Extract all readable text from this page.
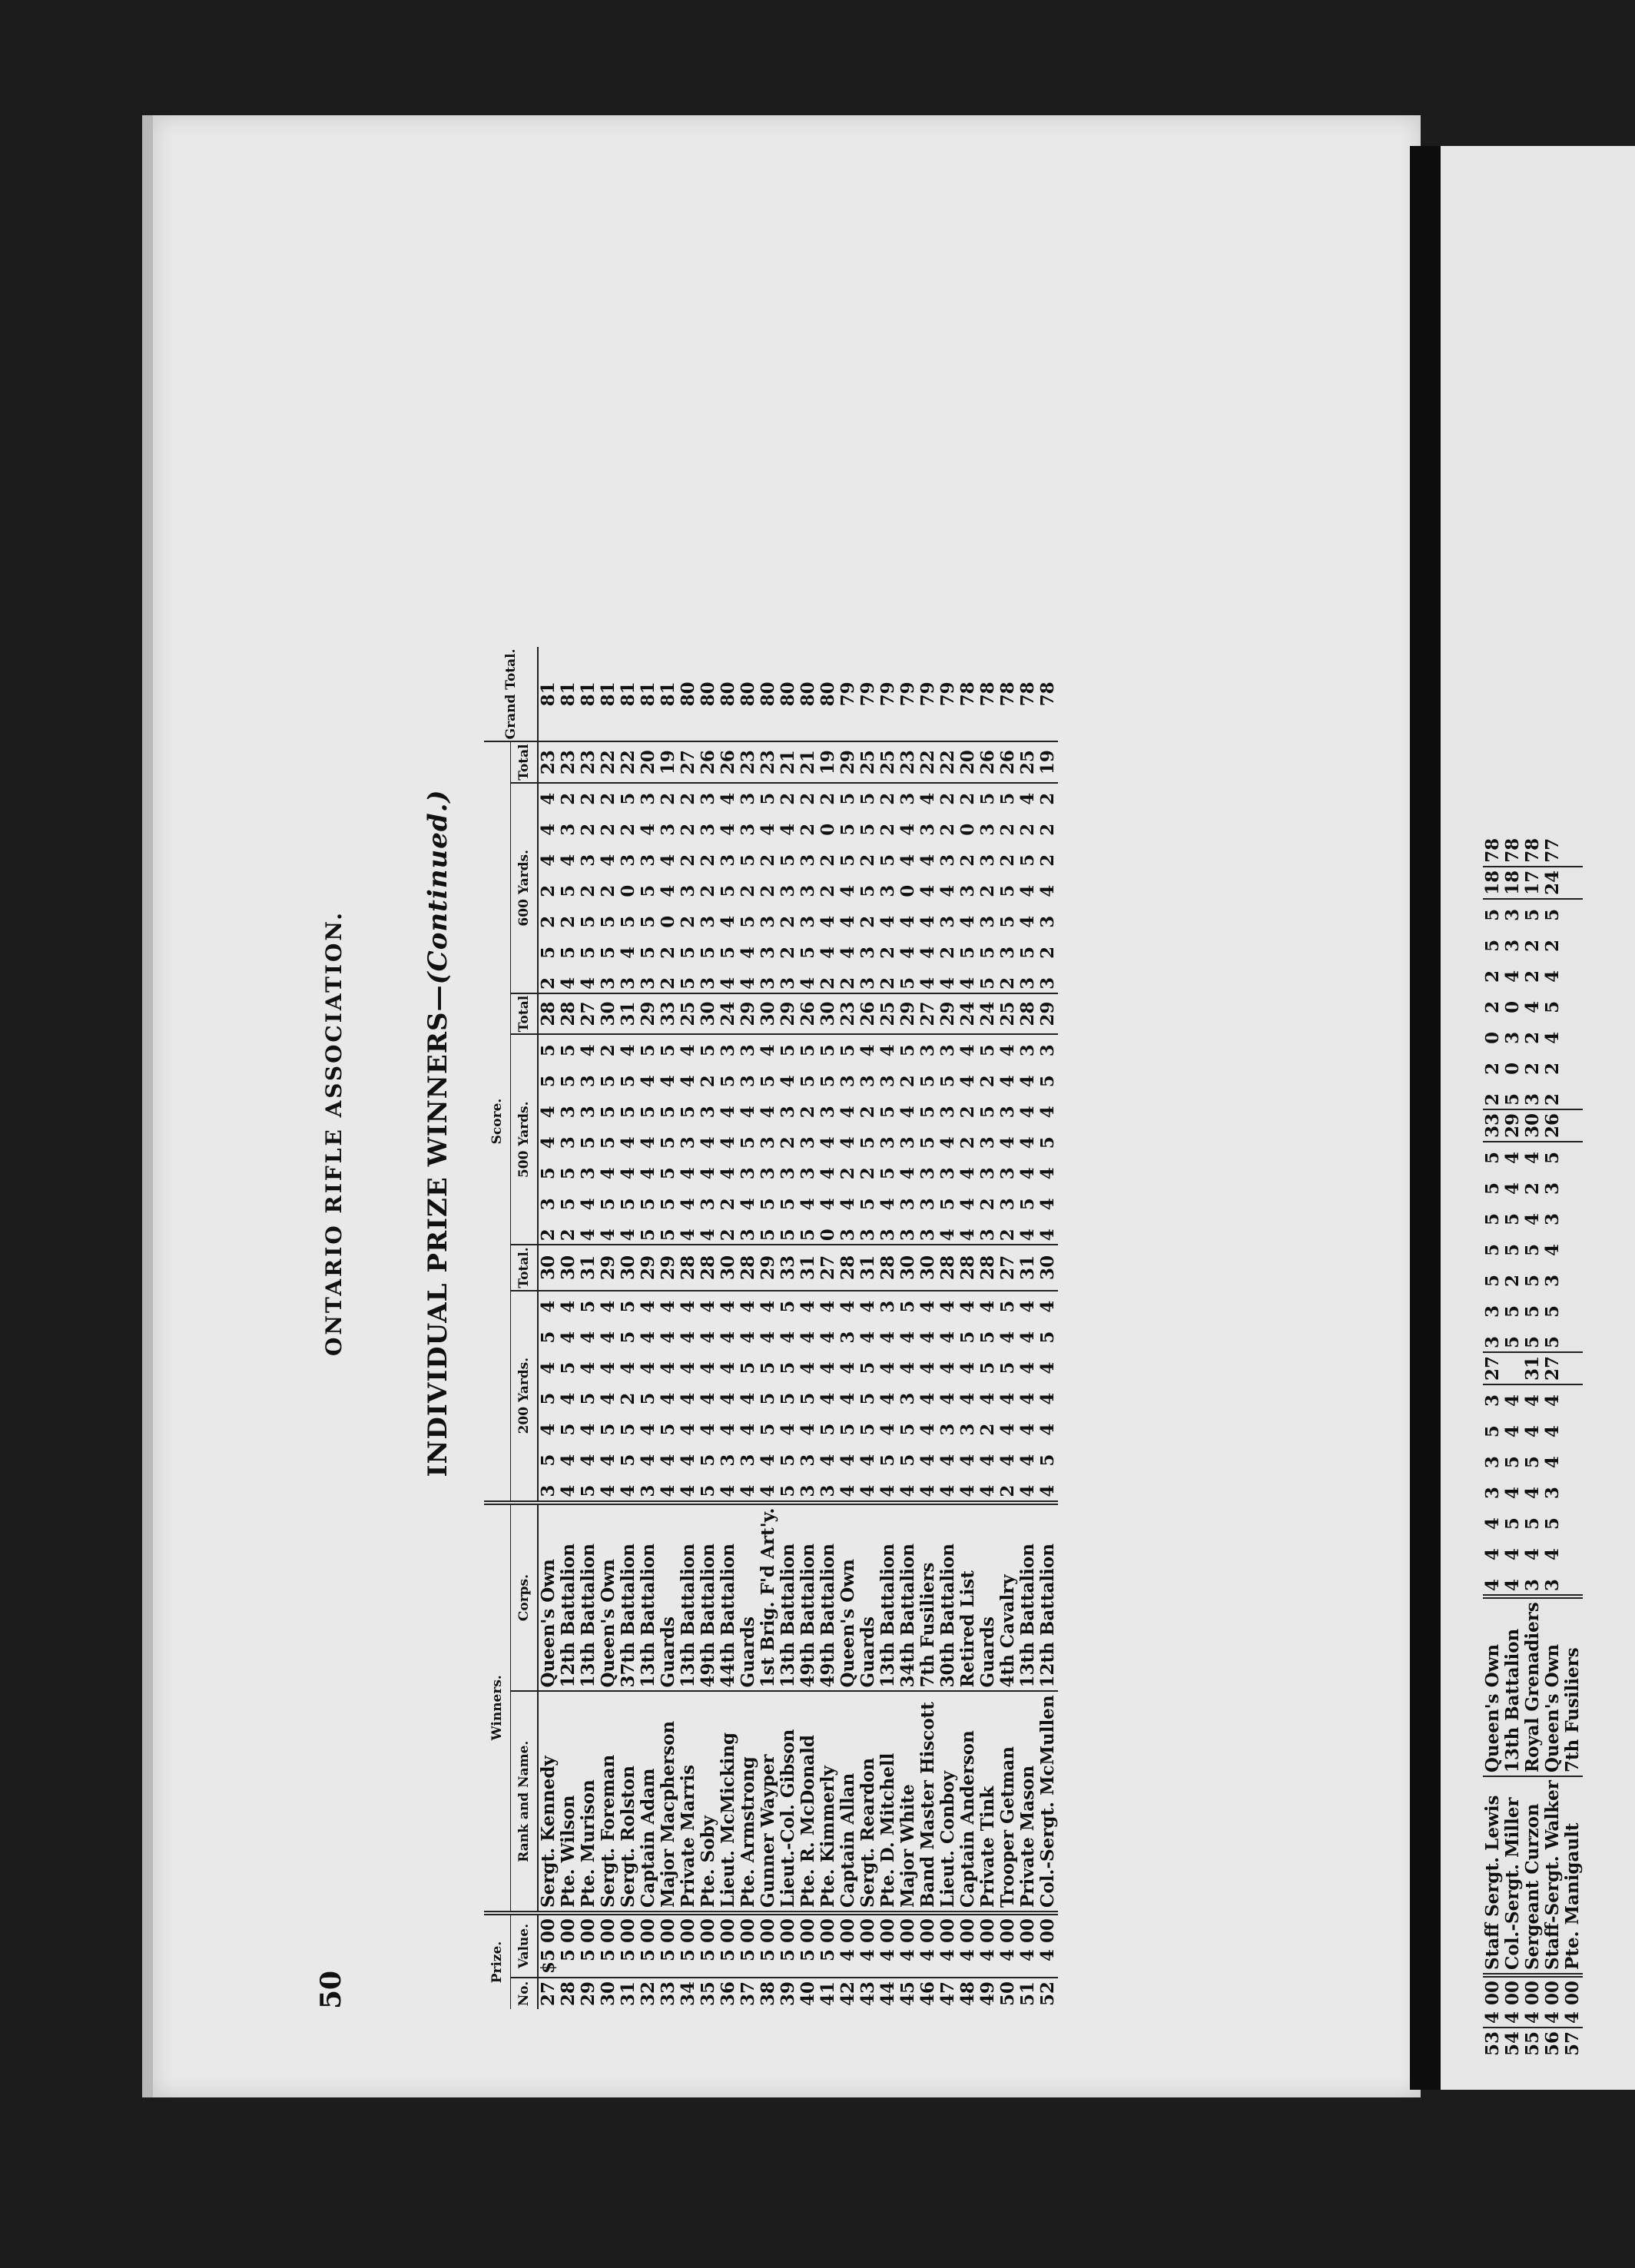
53	4 00	Staff Sergt. Lewis	Queen's Own	4 4 4 3 3 5 3	27	3 3 5 5 5 5 5	33	2 2 0 2 2 5 5	18	78
54	4 00	Col.-Sergt. Miller	13th Battalion	4 4 5 4 5 4 4		5 5 2 5 5 4 4	29	5 0 3 0 4 3 3	18	78
55	4 00	Sergeant Curzon	Royal Grenadiers	3 4 5 4 5 4 4	31	5 5 5 5 4 2 4	30	3 2 2 4 2 2 5	17	78
56	4 00	Staff-Sergt. Walker	Queen's Own	3 4 5 3 4 4 4	27	5 5 3 4 3 3 5	26	2 2 4 5 4 2 5	24	77
57	4 00	Pte. Manigault	7th Fusiliers							
50
ONTARIO RIFLE ASSOCIATION.	INDIVIDUAL PRIZE WINNERS—(Continued.)
Prize.		Winners.		Score.						Grand Total.
No.	Value.	Rank and Name.	Corps.	200 Yards.	Total.	500 Yards.	Total	600 Yards.	Total	
27	$5 00	Sergt. Kennedy	Queen's Own	3 5 4 5 4 5 4	30	2 3 5 4 4 5 5	28	2 5 2 2 4 4 4	23	81
28	5 00	Pte. Wilson	12th Battalion	4 4 5 4 5 4 4	30	2 5 5 3 3 5 5	28	4 5 2 5 4 3 2	23	81
29	5 00	Pte. Murison	13th Battalion	5 4 4 5 4 4 5	31	4 4 3 5 3 3 4	27	4 5 5 2 3 2 2	23	81
30	5 00	Sergt. Foreman	Queen's Own	4 4 5 4 4 4 4	29	4 5 4 5 5 5 2	30	3 5 5 2 4 2 2	22	81
31	5 00	Sergt. Rolston	37th Battalion	4 5 5 2 4 5 5	30	4 5 4 4 5 5 4	31	3 4 5 0 3 2 5	22	81
32	5 00	Captain Adam	13th Battalion	3 4 4 5 4 4 4	29	5 5 4 4 5 4 5	29	3 5 5 5 3 4 3	20	81
33	5 00	Major Macpherson	Guards	4 4 5 4 4 4 4	29	5 5 5 5 5 4 5	33	2 2 0 4 4 3 2	19	81
34	5 00	Private Marris	13th Battalion	4 4 4 4 4 4 4	28	4 4 4 3 5 4 4	25	5 5 2 3 2 2 2	27	80
35	5 00	Pte. Soby	49th Battalion	5 5 4 4 4 4 4	28	4 3 4 4 3 2 5	30	3 5 3 2 2 3 3	26	80
36	5 00	Lieut. McMicking	44th Battalion	4 3 4 4 4 4 4	30	2 2 4 4 4 5 3	24	4 5 4 5 3 4 4	26	80
37	5 00	Pte. Armstrong	Guards	4 3 4 4 5 4 4	28	3 4 3 5 4 3 3	29	4 4 5 2 5 3 3	23	80
38	5 00	Gunner Wayper	1st Brig. F'd Art'y.	4 4 5 5 5 4 4	29	5 5 3 3 4 5 4	30	3 3 3 2 2 4 5	23	80
39	5 00	Lieut.-Col. Gibson	13th Battalion	5 5 4 5 5 4 5	33	5 5 3 2 3 4 5	29	3 2 2 3 5 4 2	21	80
40	5 00	Pte. R. McDonald	49th Battalion	3 3 4 5 4 4 4	31	5 4 3 3 2 5 5	26	4 5 3 3 3 2 2	21	80
41	5 00	Pte. Kimmerly	49th Battalion	3 4 5 4 4 4 4	27	0 4 4 4 3 5 5	30	2 4 4 2 2 0 2	19	80
42	4 00	Captain Allan	Queen's Own	4 4 5 4 4 3 4	28	3 4 2 4 4 3 5	23	2 4 4 4 5 5 5	29	79
43	4 00	Sergt. Reardon	Guards	4 4 5 5 5 4 4	31	3 5 2 5 2 3 4	26	3 3 2 5 2 5 5	25	79
44	4 00	Pte. D. Mitchell	13th Battalion	4 5 4 4 4 4 3	28	3 4 5 3 5 3 4	25	2 2 4 3 5 2 2	25	79
45	4 00	Major White	34th Battalion	4 5 5 3 4 4 5	30	3 3 4 3 4 2 5	29	5 4 4 0 4 4 3	23	79
46	4 00	Band Master Hiscott	7th Fusiliers	4 4 4 4 4 4 4	30	3 3 3 5 5 5 3	27	4 4 4 4 4 3 4	22	79
47	4 00	Lieut. Conboy	30th Battalion	4 4 3 4 4 4 4	28	4 5 3 4 3 5 3	29	4 2 3 4 3 2 2	22	79
48	4 00	Captain Anderson	Retired List	4 4 3 4 4 5 4	28	4 4 4 2 2 4 4	24	4 5 4 3 2 0 2	20	78
49	4 00	Private Tink	Guards	4 4 2 4 5 5 4	28	3 2 3 3 5 2 5	24	5 5 3 2 3 3 5	26	78
50	4 00	Trooper Getman	4th Cavalry	2 4 4 4 5 4 5	27	2 3 3 4 3 4 4	25	2 3 5 5 2 2 5	26	78
51	4 00	Private Mason	13th Battalion	4 4 4 4 4 4 4	31	4 5 4 4 4 4 3	28	3 5 4 4 5 2 4	25	78
52	4 00	Col.-Sergt. McMullen	12th Battalion	4 5 4 4 4 5 4	30	4 4 4 5 4 5 3	29	3 2 3 4 2 2 2	19	78
